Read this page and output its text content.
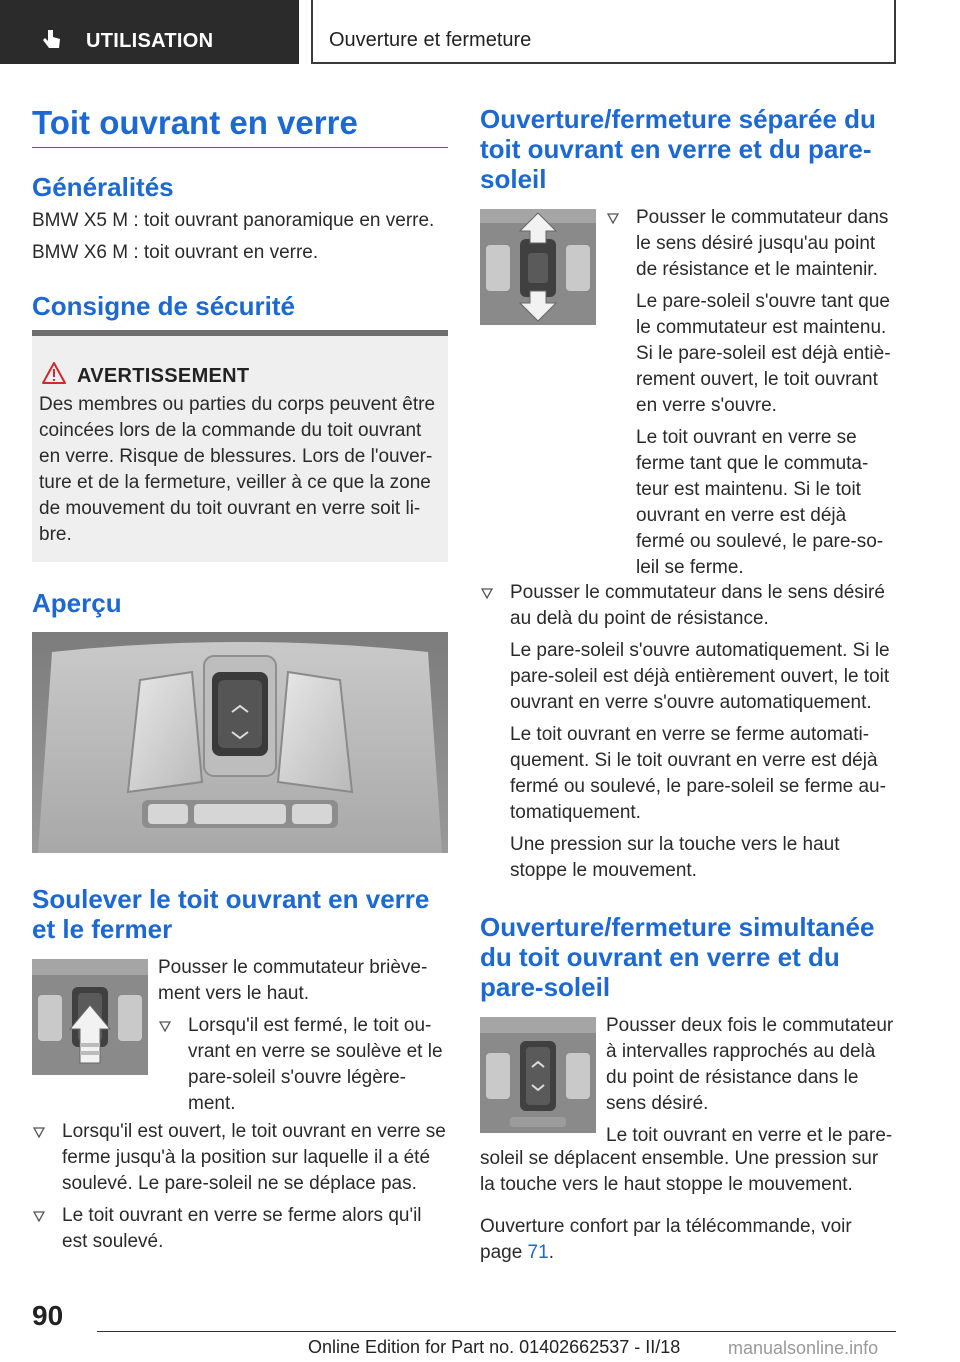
UTILISATION	Ouverture et fermeture
Toit ouvrant en verre
Généralités
BMW X5 M : toit ouvrant panoramique en verre.
BMW X6 M : toit ouvrant en verre.
Consigne de sécurité
AVERTISSEMENT
Des membres ou parties du corps peuvent être
coincées lors de la commande du toit ouvrant
en verre. Risque de blessures. Lors de l'ouver-
ture et de la fermeture, veiller à ce que la zone
de mouvement du toit ouvrant en verre soit li-
bre.
Aperçu
Soulever le toit ouvrant en verre
et le fermer
Pousser le commutateur briève-
ment vers le haut.
Lorsqu'il est fermé, le toit ou-
vrant en verre se soulève et le
pare-soleil s'ouvre légère-
ment.
Lorsqu'il est ouvert, le toit ouvrant en verre se
ferme jusqu'à la position sur laquelle il a été
soulevé. Le pare-soleil ne se déplace pas.
Le toit ouvrant en verre se ferme alors qu'il
est soulevé.
Ouverture/fermeture séparée du
toit ouvrant en verre et du pare-
soleil
Pousser le commutateur dans
le sens désiré jusqu'au point
de résistance et le maintenir.
Le pare-soleil s'ouvre tant que
le commutateur est maintenu.
Si le pare-soleil est déjà entiè-
rement ouvert, le toit ouvrant
en verre s'ouvre.
Le toit ouvrant en verre se
ferme tant que le commuta-
teur est maintenu. Si le toit
ouvrant en verre est déjà
fermé ou soulevé, le pare-so-
leil se ferme.
Pousser le commutateur dans le sens désiré
au delà du point de résistance.
Le pare-soleil s'ouvre automatiquement. Si le
pare-soleil est déjà entièrement ouvert, le toit
ouvrant en verre s'ouvre automatiquement.
Le toit ouvrant en verre se ferme automati-
quement. Si le toit ouvrant en verre est déjà
fermé ou soulevé, le pare-soleil se ferme au-
tomatiquement.
Une pression sur la touche vers le haut
stoppe le mouvement.
Ouverture/fermeture simultanée
du toit ouvrant en verre et du
pare-soleil
Pousser deux fois le commutateur
à intervalles rapprochés au delà
du point de résistance dans le
sens désiré.
Le toit ouvrant en verre et le pare-
soleil se déplacent ensemble. Une pression sur
la touche vers le haut stoppe le mouvement.
Ouverture confort par la télécommande, voir
page 71.
90
Online Edition for Part no. 01402662537 - II/18	manualsonline.info
